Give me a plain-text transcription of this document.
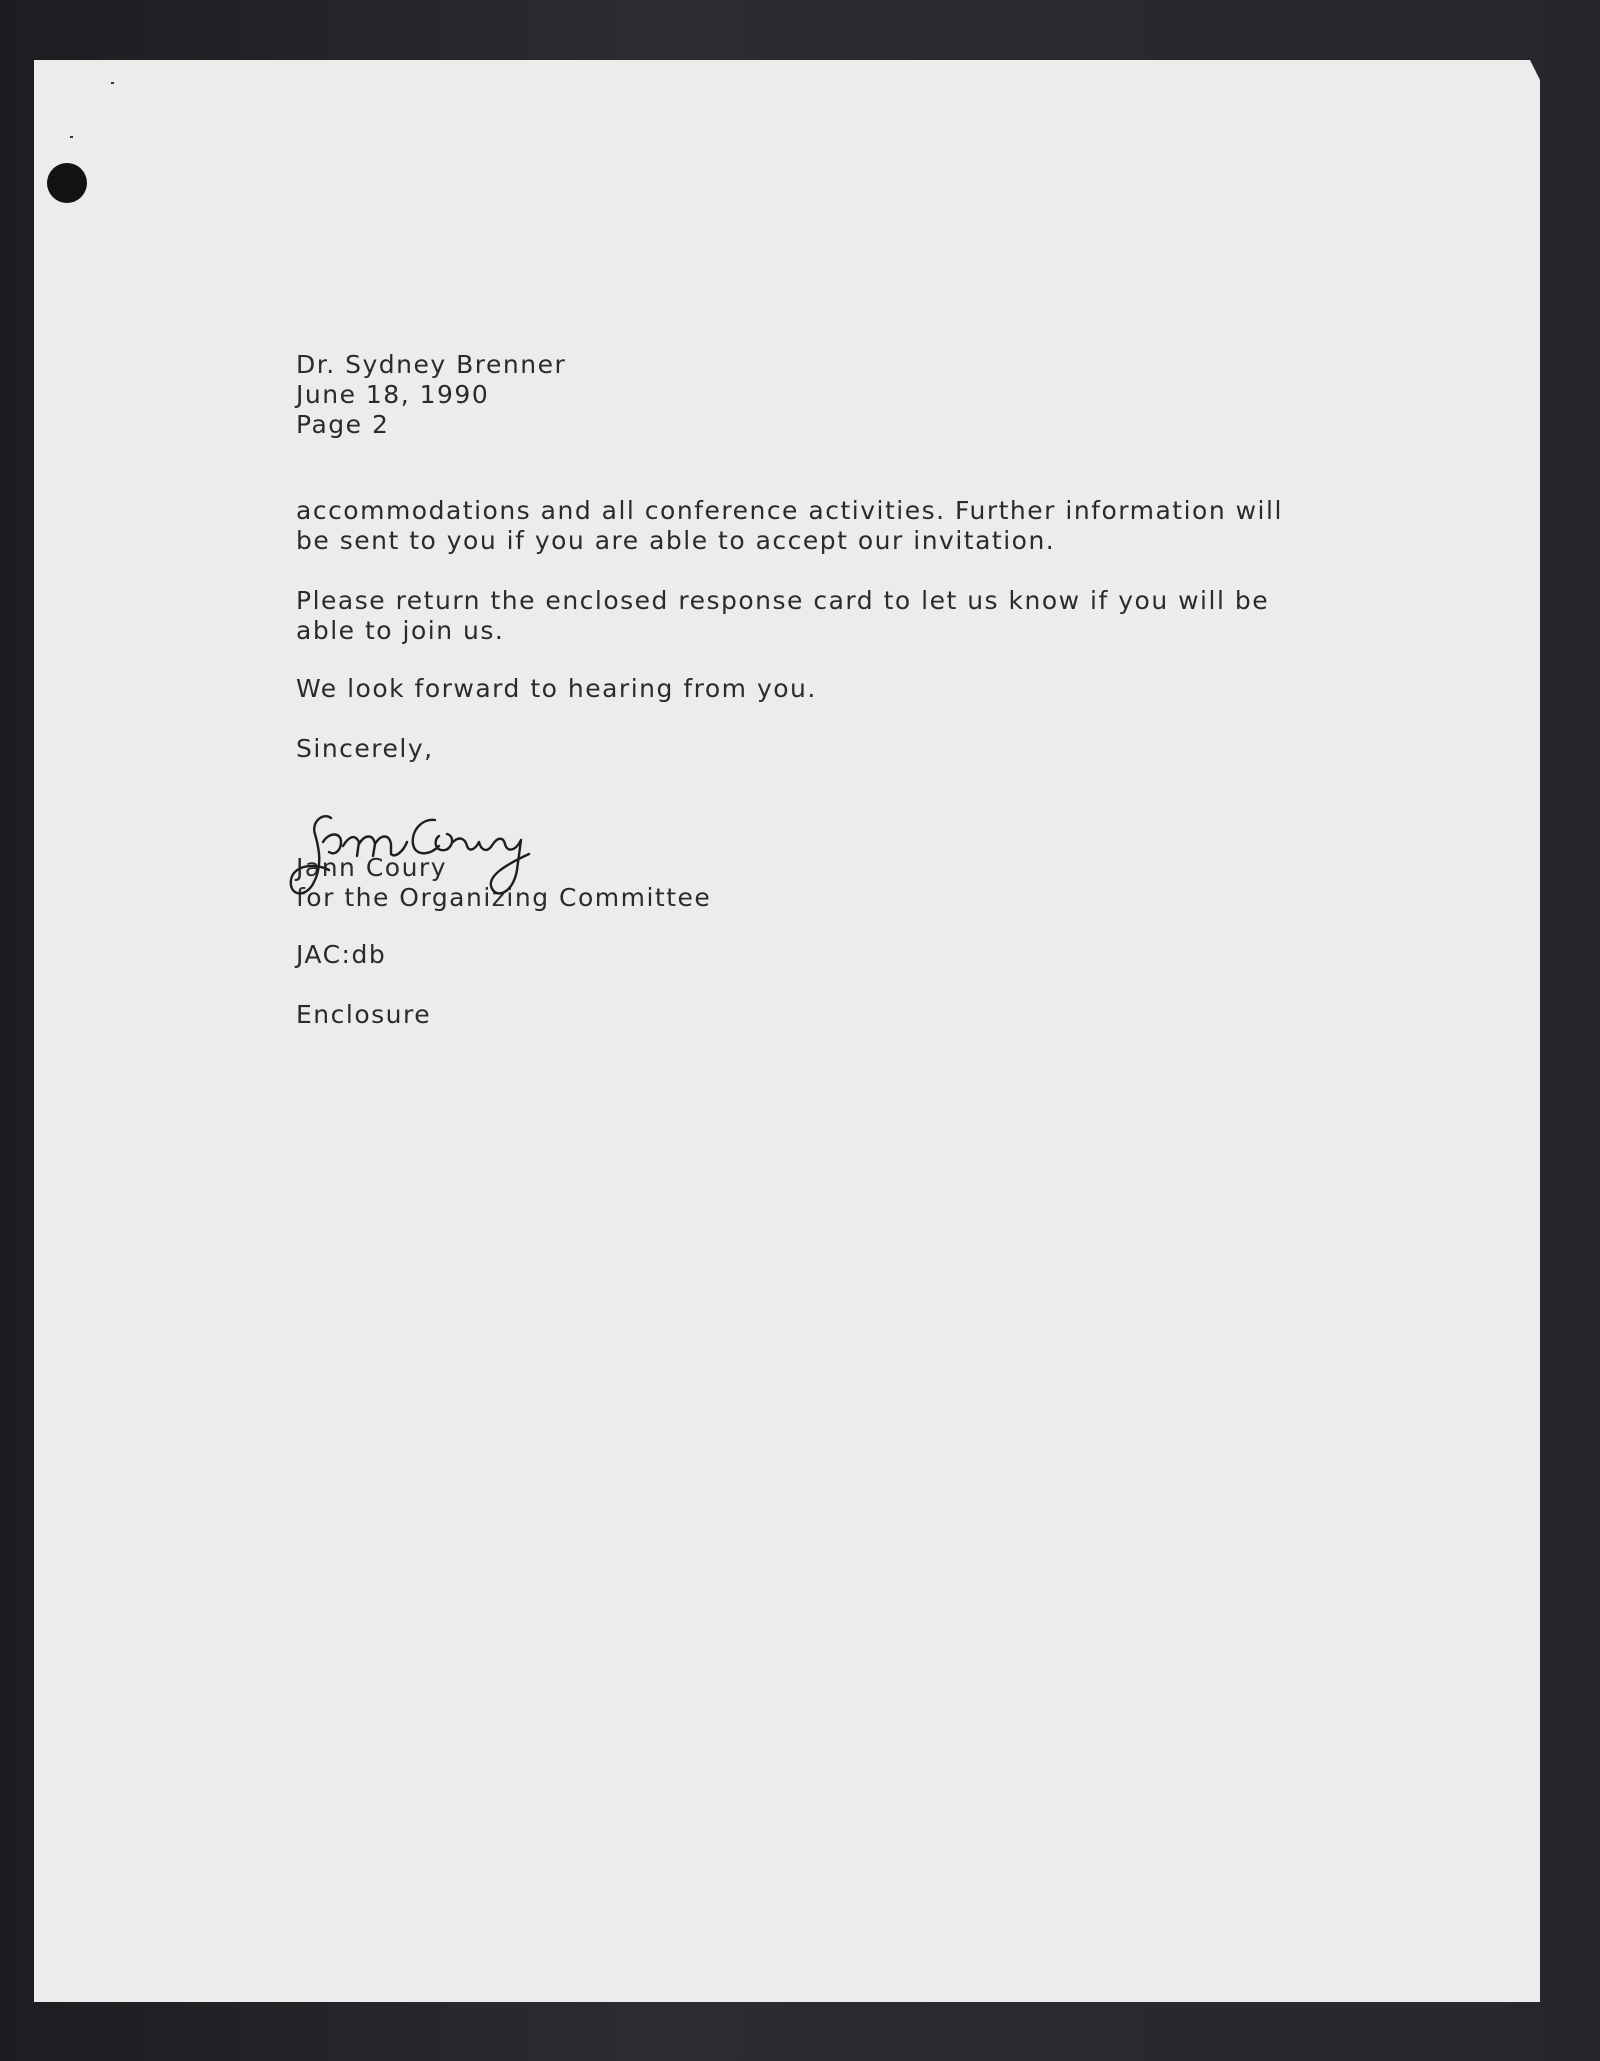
Dr. Sydney Brenner
June 18, 1990
Page 2
accommodations and all conference activities. Further information will
be sent to you if you are able to accept our invitation.
Please return the enclosed response card to let us know if you will be
able to join us.
We look forward to hearing from you.
Sincerely,
Jann Coury
for the Organizing Committee
JAC:db
Enclosure
